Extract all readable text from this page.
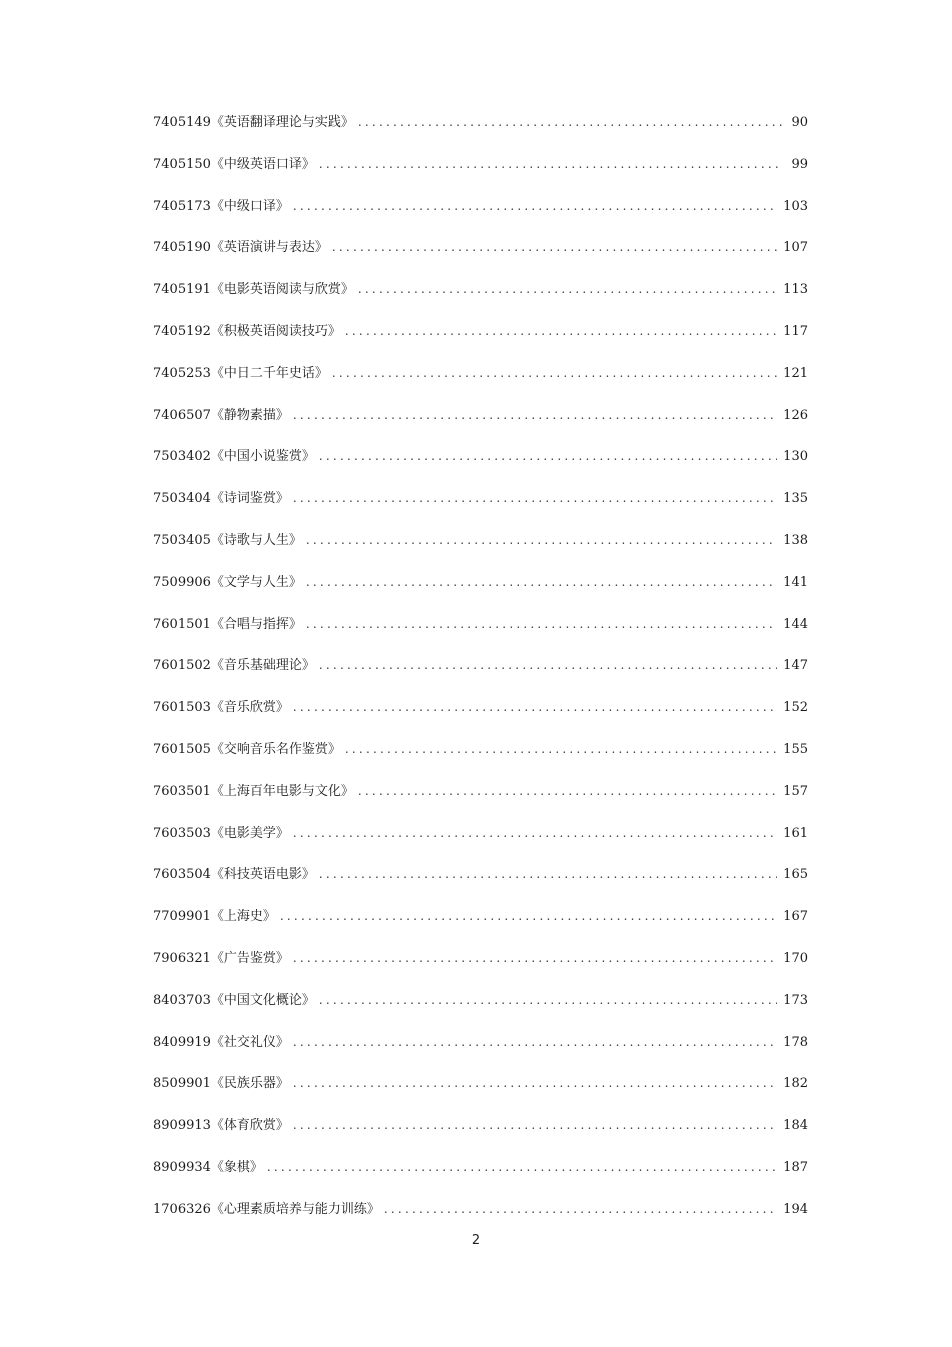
7405149《英语翻译理论与实践》 .....	90
7405150《中级英语口译》 .....	99
7405173《中级口译》 .....	103
7405190《英语演讲与表达》 .....	107
7405191《电影英语阅读与欣赏》 .....	113
7405192《积极英语阅读技巧》 .....	117
7405253《中日二千年史话》 .....	121
7406507《静物素描》 .....	126
7503402《中国小说鉴赏》 .....	130
7503404《诗词鉴赏》 .....	135
7503405《诗歌与人生》 .....	138
7509906《文学与人生》 .....	141
7601501《合唱与指挥》 .....	144
7601502《音乐基础理论》 .....	147
7601503《音乐欣赏》 .....	152
7601505《交响音乐名作鉴赏》 .....	155
7603501《上海百年电影与文化》 .....	157
7603503《电影美学》 .....	161
7603504《科技英语电影》 .....	165
7709901《上海史》 .....	167
7906321《广告鉴赏》 .....	170
8403703《中国文化概论》 .....	173
8409919《社交礼仪》 .....	178
8509901《民族乐器》 .....	182
8909913《体育欣赏》 .....	184
8909934《象棋》 .....	187
1706326《心理素质培养与能力训练》 .....	194
2
